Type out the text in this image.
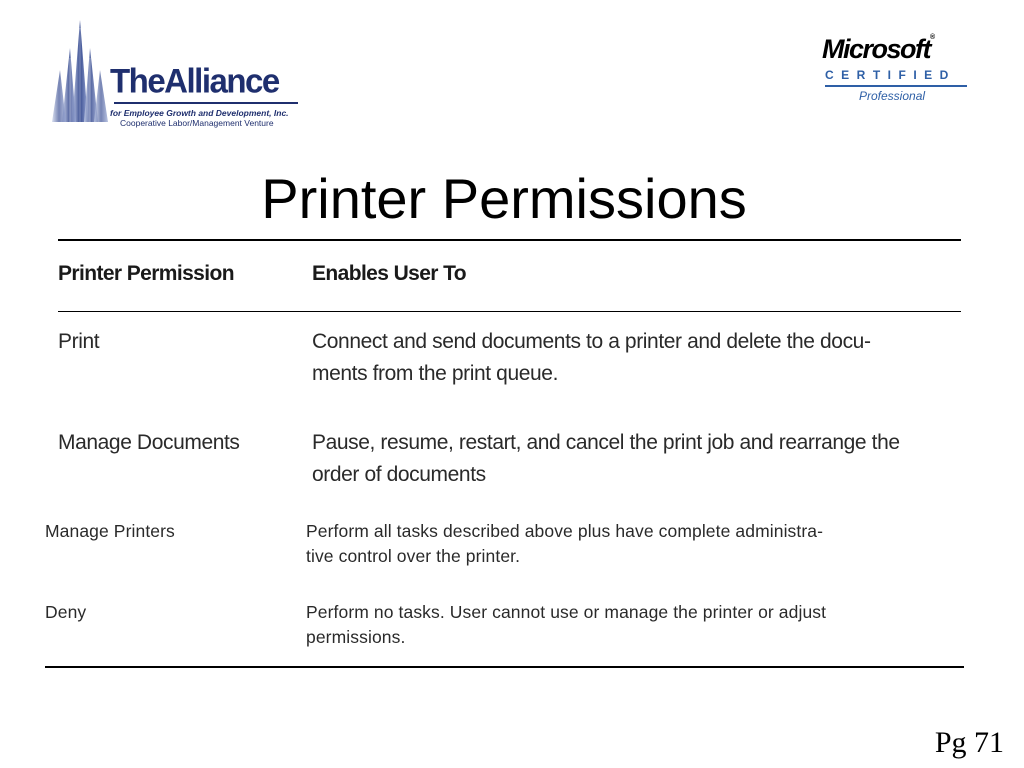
TheAlliance
for Employee Growth and Development, Inc.
Cooperative Labor/Management Venture
Microsoft®
CERTIFIED
Professional
Printer Permissions
Printer Permission	Enables User To
Print	Connect and send documents to a printer and delete the docu-
ments from the print queue.
Manage Documents	Pause, resume, restart, and cancel the print job and rearrange the
order of documents
Manage Printers	Perform all tasks described above plus have complete administra-
tive control over the printer.
Deny	Perform no tasks. User cannot use or manage the printer or adjust
permissions.
Pg 71
